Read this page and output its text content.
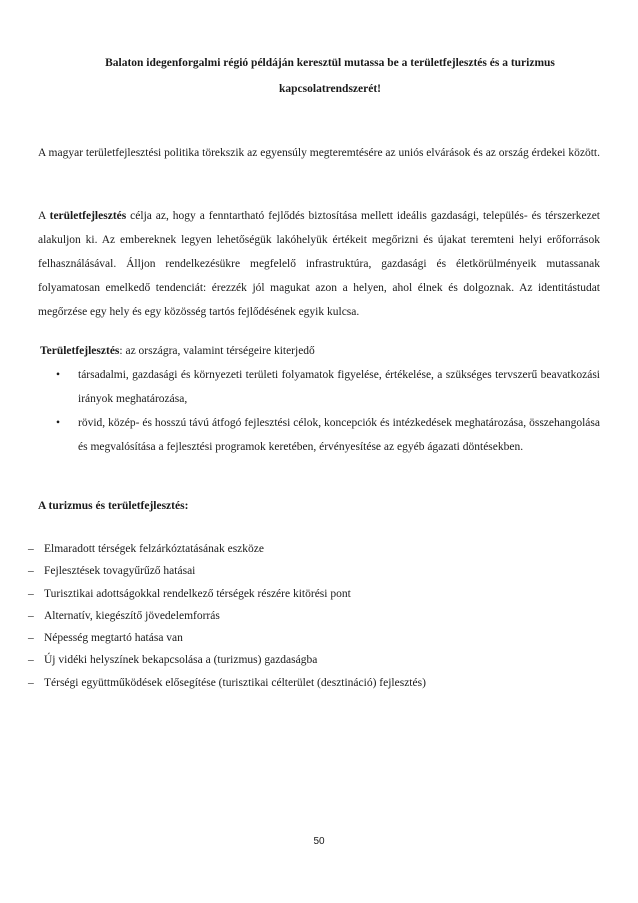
Balaton idegenforgalmi régió példáján keresztül mutassa be a területfejlesztés és a turizmus
kapcsolatrendszerét!

A magyar területfejlesztési politika törekszik az egyensúly megteremtésére az uniós elvárások és az ország érdekei között.

A területfejlesztés célja az, hogy a fenntartható fejlődés biztosítása mellett ideális gazdasági, település- és térszerkezet alakuljon ki. Az embereknek legyen lehetőségük lakóhelyük értékeit megőrizni és újakat teremteni helyi erőforrások felhasználásával. Álljon rendelkezésükre megfelelő infrastruktúra, gazdasági és életkörülményeik mutassanak folyamatosan emelkedő tendenciát: érezzék jól magukat azon a helyen, ahol élnek és dolgoznak. Az identitástudat megőrzése egy hely és egy közösség tartós fejlődésének egyik kulcsa.

Területfejlesztés: az országra, valamint térségeire kiterjedő

• társadalmi, gazdasági és környezeti területi folyamatok figyelése, értékelése, a szükséges tervszerű beavatkozási irányok meghatározása,
• rövid, közép- és hosszú távú átfogó fejlesztési célok, koncepciók és intézkedések meghatározása, összehangolása és megvalósítása a fejlesztési programok keretében, érvényesítése az egyéb ágazati döntésekben.
A turizmus és területfejlesztés:
– Elmaradott térségek felzárkóztatásának eszköze
– Fejlesztések tovagyűrűző hatásai
– Turisztikai adottságokkal rendelkező térségek részére kitörési pont
– Alternatív, kiegészítő jövedelemforrás
– Népesség megtartó hatása van
– Új vidéki helyszínek bekapcsolása a (turizmus) gazdaságba
– Térségi együttműködések elősegítése (turisztikai célterület (desztináció) fejlesztés)
50
